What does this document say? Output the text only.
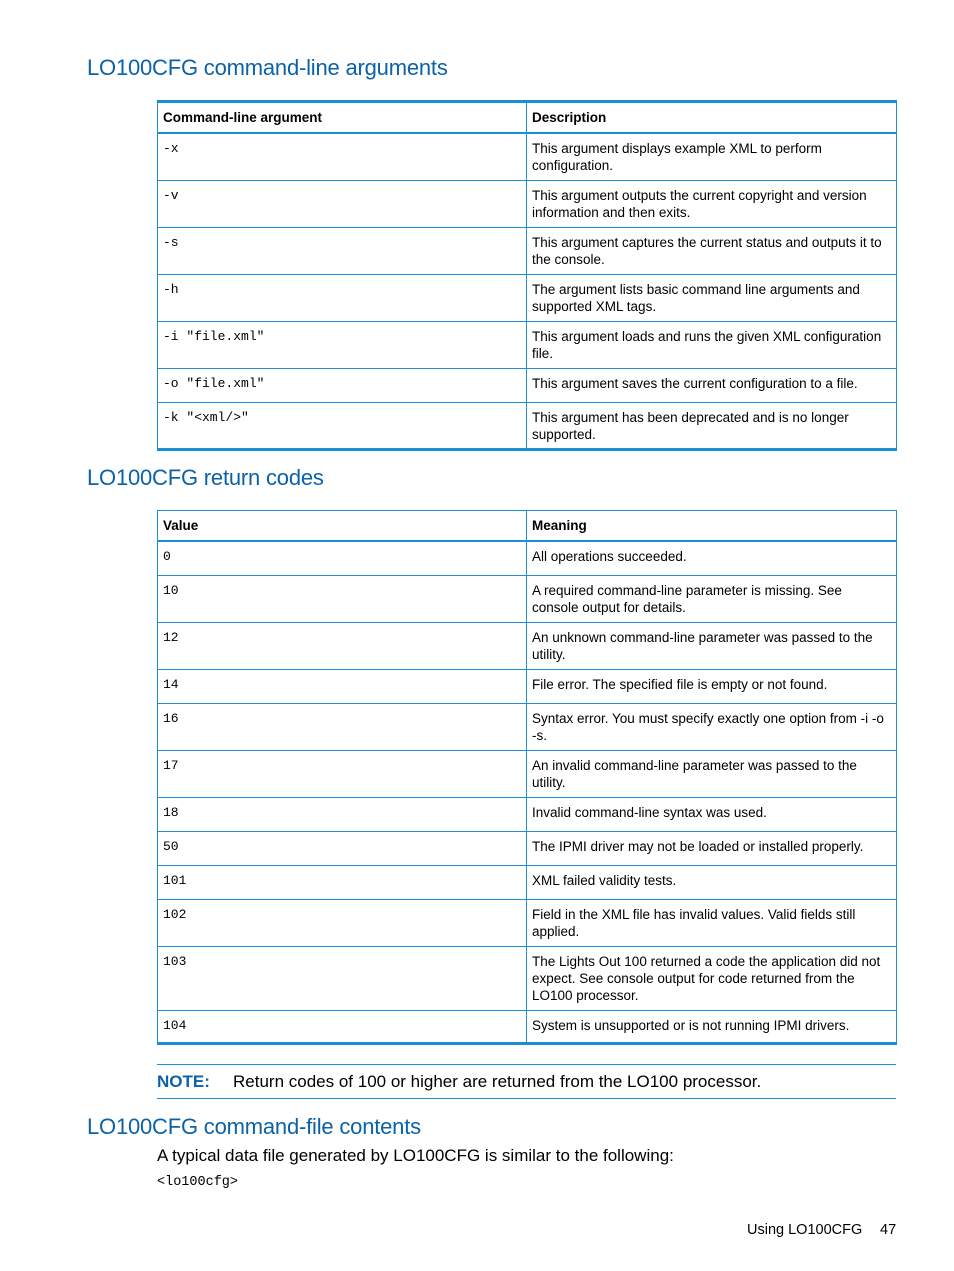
LO100CFG command-line arguments
Command-line argument	Description
-x	This argument displays example XML to perform configuration.
-v	This argument outputs the current copyright and version information and then exits.
-s	This argument captures the current status and outputs it to the console.
-h	The argument lists basic command line arguments and supported XML tags.
-i "file.xml"	This argument loads and runs the given XML configuration file.
-o "file.xml"	This argument saves the current configuration to a file.
-k "<xml/>"	This argument has been deprecated and is no longer supported.
LO100CFG return codes
Value	Meaning
0	All operations succeeded.
10	A required command-line parameter is missing. See console output for details.
12	An unknown command-line parameter was passed to the utility.
14	File error. The specified file is empty or not found.
16	Syntax error. You must specify exactly one option from -i -o -s.
17	An invalid command-line parameter was passed to the utility.
18	Invalid command-line syntax was used.
50	The IPMI driver may not be loaded or installed properly.
101	XML failed validity tests.
102	Field in the XML file has invalid values. Valid fields still applied.
103	The Lights Out 100 returned a code the application did not expect. See console output for code returned from the LO100 processor.
104	System is unsupported or is not running IPMI drivers.
NOTE: Return codes of 100 or higher are returned from the LO100 processor.
LO100CFG command-file contents
A typical data file generated by LO100CFG is similar to the following:
<lo100cfg>
Using LO100CFG 47
